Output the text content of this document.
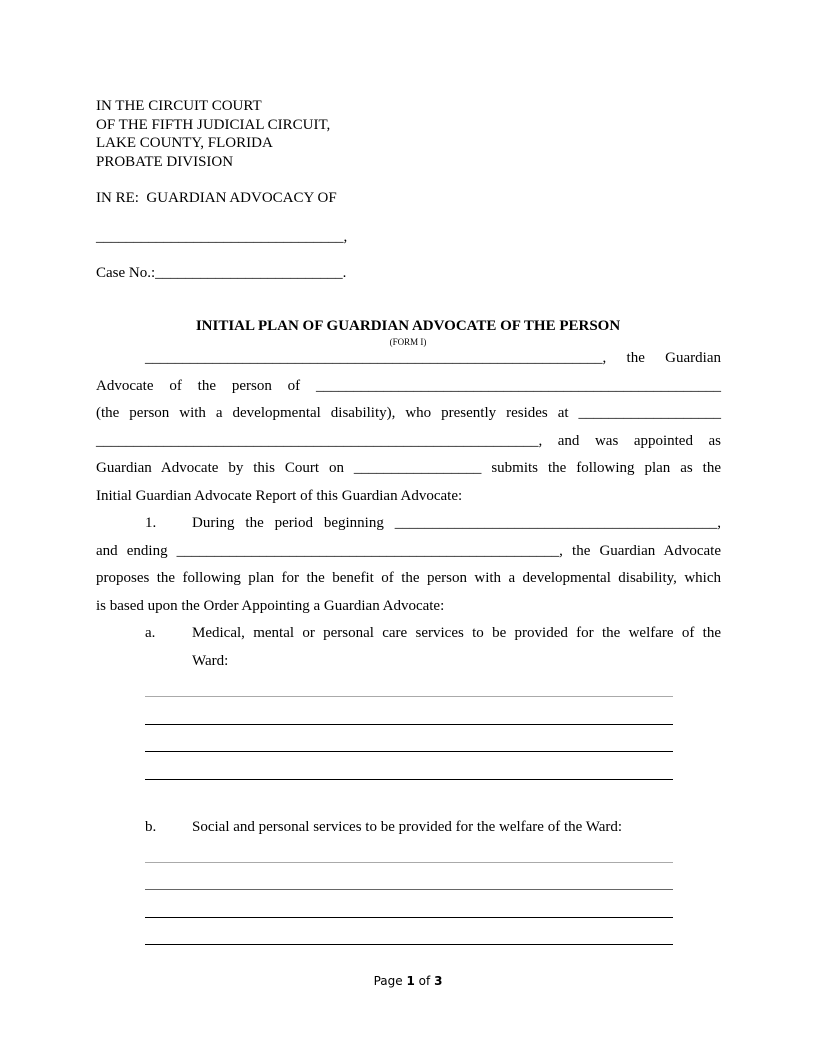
IN THE CIRCUIT COURT
OF THE FIFTH JUDICIAL CIRCUIT,
LAKE COUNTY, FLORIDA
PROBATE DIVISION
IN RE:  GUARDIAN ADVOCACY OF
_________________________________,
Case No.:_________________________.
INITIAL PLAN OF GUARDIAN ADVOCATE OF THE PERSON
(FORM I)
_____________________________________________________________, the Guardian
Advocate of the person of ______________________________________________________
(the person with a developmental disability), who presently resides at ___________________
___________________________________________________________, and was appointed as
Guardian Advocate by this Court on _________________ submits the following plan as the
Initial Guardian Advocate Report of this Guardian Advocate:
1. During the period beginning ___________________________________________,
and ending ___________________________________________________, the Guardian Advocate
proposes the following plan for the benefit of the person with a developmental disability, which
is based upon the Order Appointing a Guardian Advocate:
a. Medical, mental or personal care services to be provided for the welfare of the
Ward:
b. Social and personal services to be provided for the welfare of the Ward:
Page 1 of 3
